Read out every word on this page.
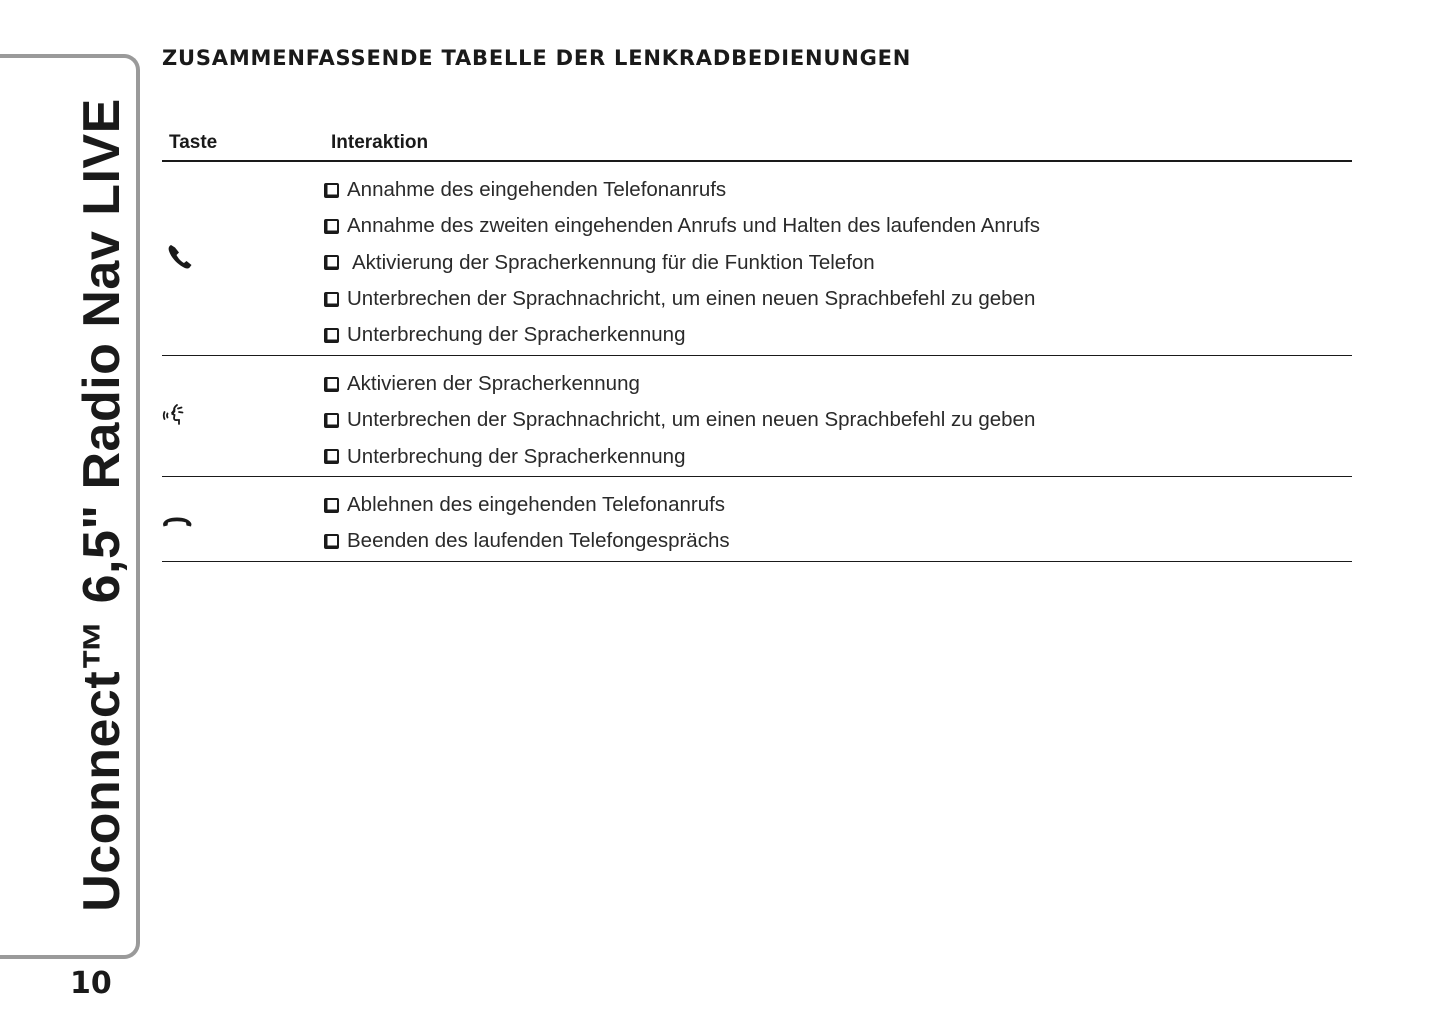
Uconnect™ 6,5" Radio Nav LIVE
10
ZUSAMMENFASSENDE TABELLE DER LENKRADBEDIENUNGEN
Taste	Interaktion
Annahme des eingehenden Telefonanrufs
Annahme des zweiten eingehenden Anrufs und Halten des laufenden Anrufs
Aktivierung der Spracherkennung für die Funktion Telefon
Unterbrechen der Sprachnachricht, um einen neuen Sprachbefehl zu geben
Unterbrechung der Spracherkennung
Aktivieren der Spracherkennung
Unterbrechen der Sprachnachricht, um einen neuen Sprachbefehl zu geben
Unterbrechung der Spracherkennung
Ablehnen des eingehenden Telefonanrufs
Beenden des laufenden Telefongesprächs
